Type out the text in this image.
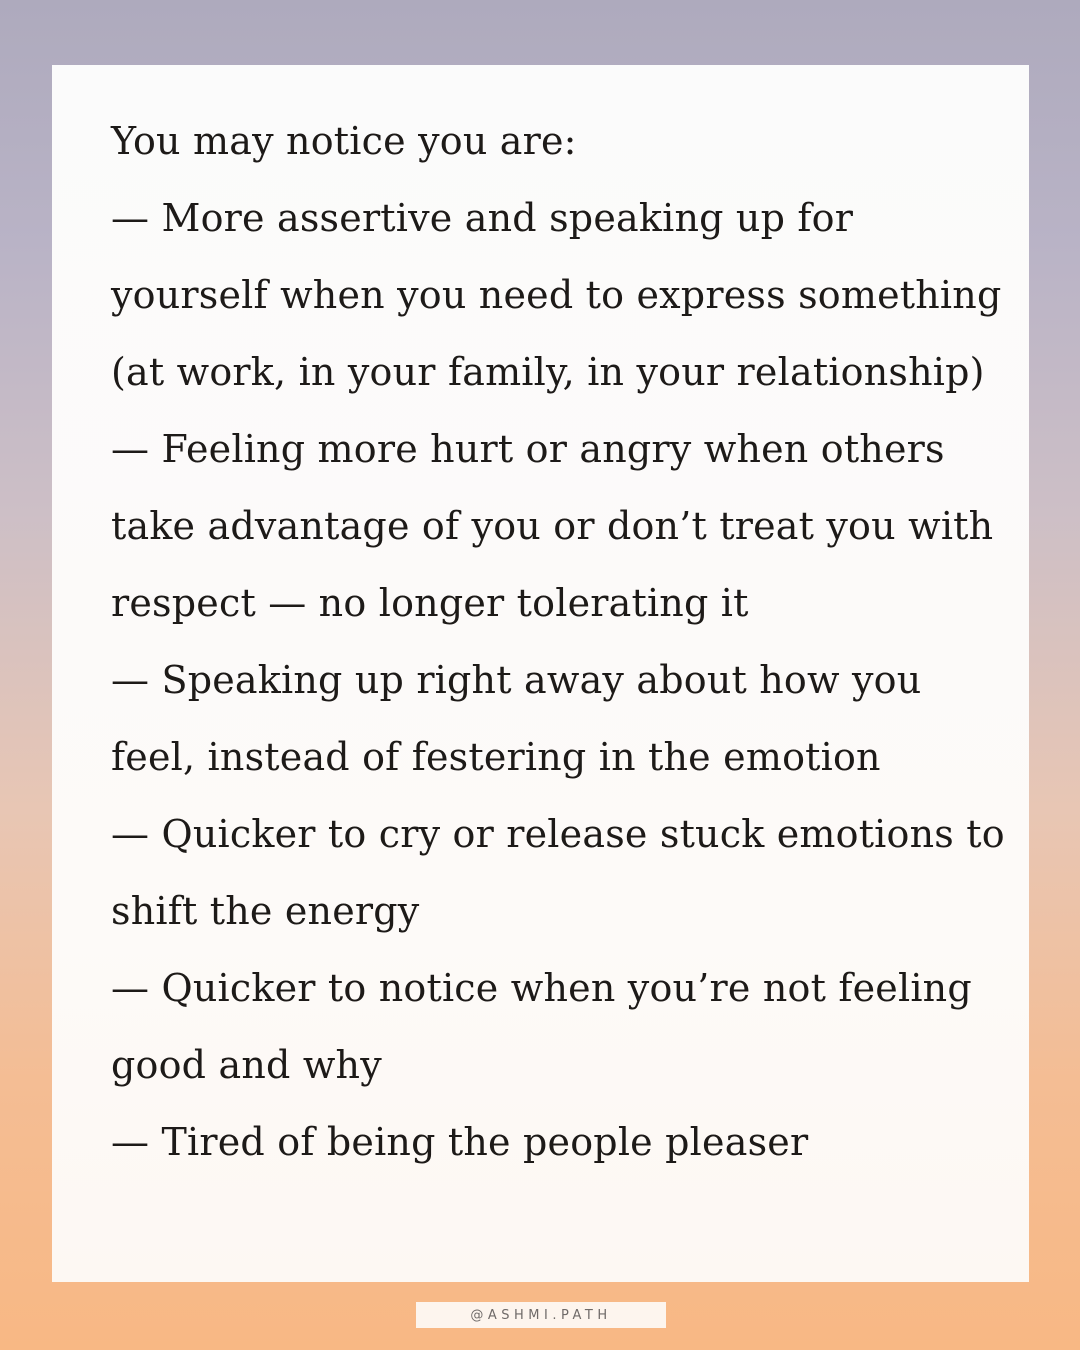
You may notice you are:
— More assertive and speaking up for yourself when you need to express something (at work, in your family, in your relationship)
— Feeling more hurt or angry when others take advantage of you or don’t treat you with respect — no longer tolerating it
— Speaking up right away about how you feel, instead of festering in the emotion
— Quicker to cry or release stuck emotions to shift the energy
— Quicker to notice when you’re not feeling good and why
— Tired of being the people pleaser
@ASHMI.PATH
